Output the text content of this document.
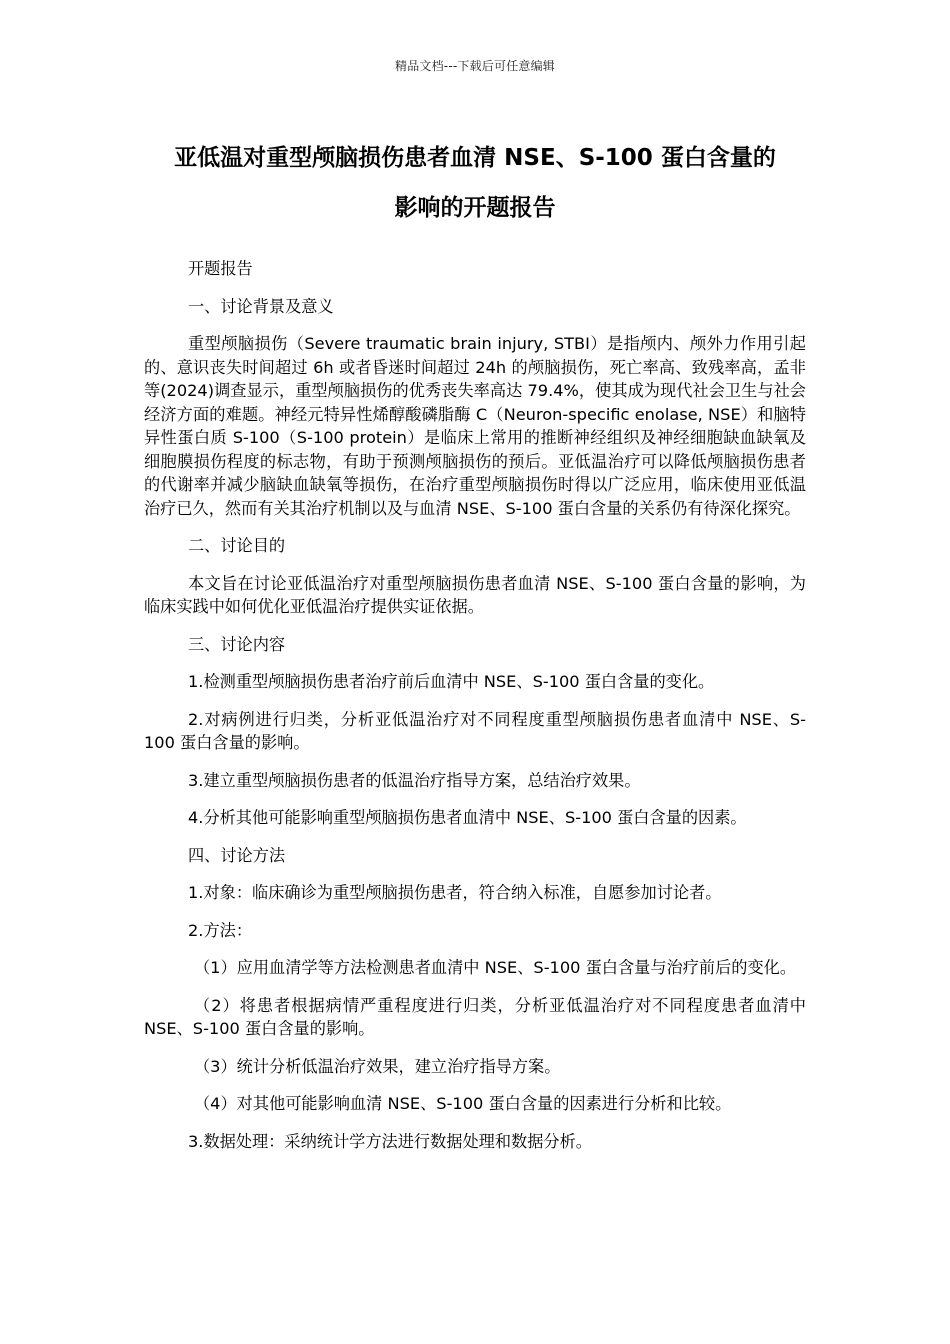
精品文档---下载后可任意编辑
亚低温对重型颅脑损伤患者血清 NSE、S-100 蛋白含量的
影响的开题报告

开题报告

一、讨论背景及意义

重型颅脑损伤（Severe traumatic brain injury, STBI）是指颅内、颅外力作用引起的、意识丧失时间超过 6h 或者昏迷时间超过 24h 的颅脑损伤，死亡率高、致残率高，孟非等(2024)调查显示，重型颅脑损伤的优秀丧失率高达 79.4%，使其成为现代社会卫生与社会经济方面的难题。神经元特异性烯醇酸磷脂酶 C（Neuron-specific enolase, NSE）和脑特异性蛋白质 S-100（S-100 protein）是临床上常用的推断神经组织及神经细胞缺血缺氧及细胞膜损伤程度的标志物，有助于预测颅脑损伤的预后。亚低温治疗可以降低颅脑损伤患者的代谢率并减少脑缺血缺氧等损伤，在治疗重型颅脑损伤时得以广泛应用，临床使用亚低温治疗已久，然而有关其治疗机制以及与血清 NSE、S-100 蛋白含量的关系仍有待深化探究。

二、讨论目的

本文旨在讨论亚低温治疗对重型颅脑损伤患者血清 NSE、S-100 蛋白含量的影响，为临床实践中如何优化亚低温治疗提供实证依据。

三、讨论内容

1.检测重型颅脑损伤患者治疗前后血清中 NSE、S-100 蛋白含量的变化。

2.对病例进行归类，分析亚低温治疗对不同程度重型颅脑损伤患者血清中 NSE、S-100 蛋白含量的影响。

3.建立重型颅脑损伤患者的低温治疗指导方案，总结治疗效果。

4.分析其他可能影响重型颅脑损伤患者血清中 NSE、S-100 蛋白含量的因素。

四、讨论方法

1.对象：临床确诊为重型颅脑损伤患者，符合纳入标准，自愿参加讨论者。

2.方法：

（1）应用血清学等方法检测患者血清中 NSE、S-100 蛋白含量与治疗前后的变化。

（2）将患者根据病情严重程度进行归类，分析亚低温治疗对不同程度患者血清中 NSE、S-100 蛋白含量的影响。

（3）统计分析低温治疗效果，建立治疗指导方案。

（4）对其他可能影响血清 NSE、S-100 蛋白含量的因素进行分析和比较。

3.数据处理：采纳统计学方法进行数据处理和数据分析。
